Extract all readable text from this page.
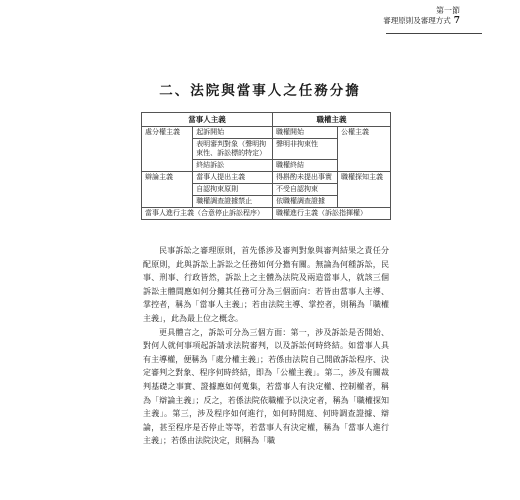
第一節
審理原則及審理方式 7
二、法院與當事人之任務分擔
當事人主義		職權主義	
處分權主義	起訴開始	職權開始	公權主義
	表明審判對象（聲明拘束性、訴訟標的特定）	聲明非拘束性	
	終結訴訟	職權終結	
辯論主義	當事人提出主義	得斟酌未提出事實	職權探知主義
	自認拘束原則	不受自認拘束	
	職權調查證據禁止	依職權調查證據	
當事人進行主義（合意停止訴訟程序）		職權進行主義（訴訟指揮權）	

民事訴訟之審理原則，首先係涉及審判對象與審判結果之責任分配原則，此與訴訟上訴訟之任務如何分擔有關。無論為何種訴訟，民事、刑事、行政皆然，訴訟上之主體為法院及兩造當事人，就該三個訴訟主體間應如何分攤其任務可分為三個面向：若皆由當事人主導、掌控者，稱為「當事人主義」；若由法院主導、掌控者，則稱為「職權主義」，此為最上位之概念。

更具體言之，訴訟可分為三個方面：第一，涉及訴訟是否開始、對何人就何事項起訴請求法院審判，以及訴訟何時終結。如當事人具有主導權，便稱為「處分權主義」；若係由法院自己開啟訴訟程序、決定審判之對象、程序何時終結，即為「公權主義」。第二，涉及有關裁判基礎之事實、證據應如何蒐集，若當事人有決定權、控制權者，稱為「辯論主義」；反之，若係法院依職權予以決定者，稱為「職權探知主義」。第三，涉及程序如何進行，如何時開庭、何時調查證據、辯論，甚至程序是否停止等等，若當事人有決定權，稱為「當事人進行主義」；若係由法院決定，則稱為「職
